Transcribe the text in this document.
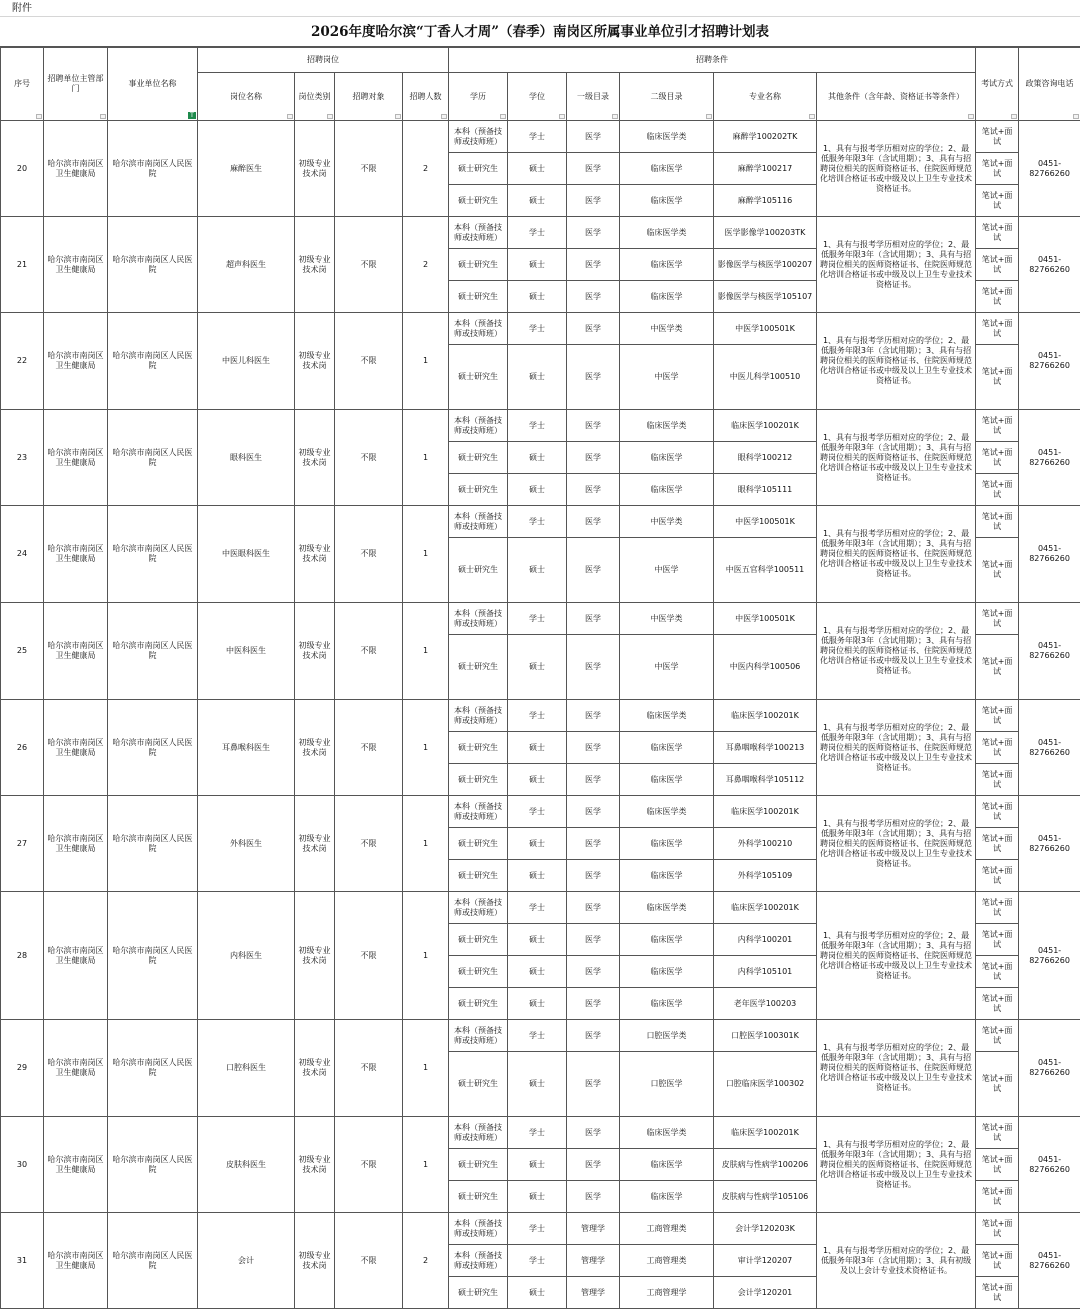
附件
2026年度哈尔滨“丁香人才周”（春季）南岗区所属事业单位引才招聘计划表
序号	招聘单位主管部门	事业单位名称 T	招聘岗位				招聘条件						考试方式	政策咨询电话
			岗位名称	岗位类别	招聘对象	招聘人数	学历	学位	一级目录	二级目录	专业名称	其他条件（含年龄、资格证书等条件）		
20	哈尔滨市南岗区卫生健康局	哈尔滨市南岗区人民医院	麻醉医生	初级专业技术岗	不限	2	本科（预备技师或技师班）	学士	医学	临床医学类	麻醉学100202TK	1、具有与报考学历相对应的学位；2、最低服务年限3年（含试用期）；3、具有与招聘岗位相关的医师资格证书、住院医师规范化培训合格证书或中级及以上卫生专业技术资格证书。	笔试+面试	0451-82766260
							硕士研究生	硕士	医学	临床医学	麻醉学100217		笔试+面试	
							硕士研究生	硕士	医学	临床医学	麻醉学105116		笔试+面试	
21	哈尔滨市南岗区卫生健康局	哈尔滨市南岗区人民医院	超声科医生	初级专业技术岗	不限	2	本科（预备技师或技师班）	学士	医学	临床医学类	医学影像学100203TK	1、具有与报考学历相对应的学位；2、最低服务年限3年（含试用期）；3、具有与招聘岗位相关的医师资格证书、住院医师规范化培训合格证书或中级及以上卫生专业技术资格证书。	笔试+面试	0451-82766260
							硕士研究生	硕士	医学	临床医学	影像医学与核医学100207		笔试+面试	
							硕士研究生	硕士	医学	临床医学	影像医学与核医学105107		笔试+面试	
22	哈尔滨市南岗区卫生健康局	哈尔滨市南岗区人民医院	中医儿科医生	初级专业技术岗	不限	1	本科（预备技师或技师班）	学士	医学	中医学类	中医学100501K	1、具有与报考学历相对应的学位；2、最低服务年限3年（含试用期）；3、具有与招聘岗位相关的医师资格证书、住院医师规范化培训合格证书或中级及以上卫生专业技术资格证书。	笔试+面试	0451-82766260
							硕士研究生	硕士	医学	中医学	中医儿科学100510		笔试+面试	
23	哈尔滨市南岗区卫生健康局	哈尔滨市南岗区人民医院	眼科医生	初级专业技术岗	不限	1	本科（预备技师或技师班）	学士	医学	临床医学类	临床医学100201K	1、具有与报考学历相对应的学位；2、最低服务年限3年（含试用期）；3、具有与招聘岗位相关的医师资格证书、住院医师规范化培训合格证书或中级及以上卫生专业技术资格证书。	笔试+面试	0451-82766260
							硕士研究生	硕士	医学	临床医学	眼科学100212		笔试+面试	
							硕士研究生	硕士	医学	临床医学	眼科学105111		笔试+面试	
24	哈尔滨市南岗区卫生健康局	哈尔滨市南岗区人民医院	中医眼科医生	初级专业技术岗	不限	1	本科（预备技师或技师班）	学士	医学	中医学类	中医学100501K	1、具有与报考学历相对应的学位；2、最低服务年限3年（含试用期）；3、具有与招聘岗位相关的医师资格证书、住院医师规范化培训合格证书或中级及以上卫生专业技术资格证书。	笔试+面试	0451-82766260
							硕士研究生	硕士	医学	中医学	中医五官科学100511		笔试+面试	
25	哈尔滨市南岗区卫生健康局	哈尔滨市南岗区人民医院	中医科医生	初级专业技术岗	不限	1	本科（预备技师或技师班）	学士	医学	中医学类	中医学100501K	1、具有与报考学历相对应的学位；2、最低服务年限3年（含试用期）；3、具有与招聘岗位相关的医师资格证书、住院医师规范化培训合格证书或中级及以上卫生专业技术资格证书。	笔试+面试	0451-82766260
							硕士研究生	硕士	医学	中医学	中医内科学100506		笔试+面试	
26	哈尔滨市南岗区卫生健康局	哈尔滨市南岗区人民医院	耳鼻喉科医生	初级专业技术岗	不限	1	本科（预备技师或技师班）	学士	医学	临床医学类	临床医学100201K	1、具有与报考学历相对应的学位；2、最低服务年限3年（含试用期）；3、具有与招聘岗位相关的医师资格证书、住院医师规范化培训合格证书或中级及以上卫生专业技术资格证书。	笔试+面试	0451-82766260
							硕士研究生	硕士	医学	临床医学	耳鼻咽喉科学100213		笔试+面试	
							硕士研究生	硕士	医学	临床医学	耳鼻咽喉科学105112		笔试+面试	
27	哈尔滨市南岗区卫生健康局	哈尔滨市南岗区人民医院	外科医生	初级专业技术岗	不限	1	本科（预备技师或技师班）	学士	医学	临床医学类	临床医学100201K	1、具有与报考学历相对应的学位；2、最低服务年限3年（含试用期）；3、具有与招聘岗位相关的医师资格证书、住院医师规范化培训合格证书或中级及以上卫生专业技术资格证书。	笔试+面试	0451-82766260
							硕士研究生	硕士	医学	临床医学	外科学100210		笔试+面试	
							硕士研究生	硕士	医学	临床医学	外科学105109		笔试+面试	
28	哈尔滨市南岗区卫生健康局	哈尔滨市南岗区人民医院	内科医生	初级专业技术岗	不限	1	本科（预备技师或技师班）	学士	医学	临床医学类	临床医学100201K	1、具有与报考学历相对应的学位；2、最低服务年限3年（含试用期）；3、具有与招聘岗位相关的医师资格证书、住院医师规范化培训合格证书或中级及以上卫生专业技术资格证书。	笔试+面试	0451-82766260
							硕士研究生	硕士	医学	临床医学	内科学100201		笔试+面试	
							硕士研究生	硕士	医学	临床医学	内科学105101		笔试+面试	
							硕士研究生	硕士	医学	临床医学	老年医学100203		笔试+面试	
29	哈尔滨市南岗区卫生健康局	哈尔滨市南岗区人民医院	口腔科医生	初级专业技术岗	不限	1	本科（预备技师或技师班）	学士	医学	口腔医学类	口腔医学100301K	1、具有与报考学历相对应的学位；2、最低服务年限3年（含试用期）；3、具有与招聘岗位相关的医师资格证书、住院医师规范化培训合格证书或中级及以上卫生专业技术资格证书。	笔试+面试	0451-82766260
							硕士研究生	硕士	医学	口腔医学	口腔临床医学100302		笔试+面试	
30	哈尔滨市南岗区卫生健康局	哈尔滨市南岗区人民医院	皮肤科医生	初级专业技术岗	不限	1	本科（预备技师或技师班）	学士	医学	临床医学类	临床医学100201K	1、具有与报考学历相对应的学位；2、最低服务年限3年（含试用期）；3、具有与招聘岗位相关的医师资格证书、住院医师规范化培训合格证书或中级及以上卫生专业技术资格证书。	笔试+面试	0451-82766260
							硕士研究生	硕士	医学	临床医学	皮肤病与性病学100206		笔试+面试	
							硕士研究生	硕士	医学	临床医学	皮肤病与性病学105106		笔试+面试	
31	哈尔滨市南岗区卫生健康局	哈尔滨市南岗区人民医院	会计	初级专业技术岗	不限	2	本科（预备技师或技师班）	学士	管理学	工商管理类	会计学120203K	1、具有与报考学历相对应的学位；2、最低服务年限3年（含试用期）；3、具有初级及以上会计专业技术资格证书。	笔试+面试	0451-82766260
							本科（预备技师或技师班）	学士	管理学	工商管理类	审计学120207		笔试+面试	
							硕士研究生	硕士	管理学	工商管理学	会计学120201		笔试+面试	
